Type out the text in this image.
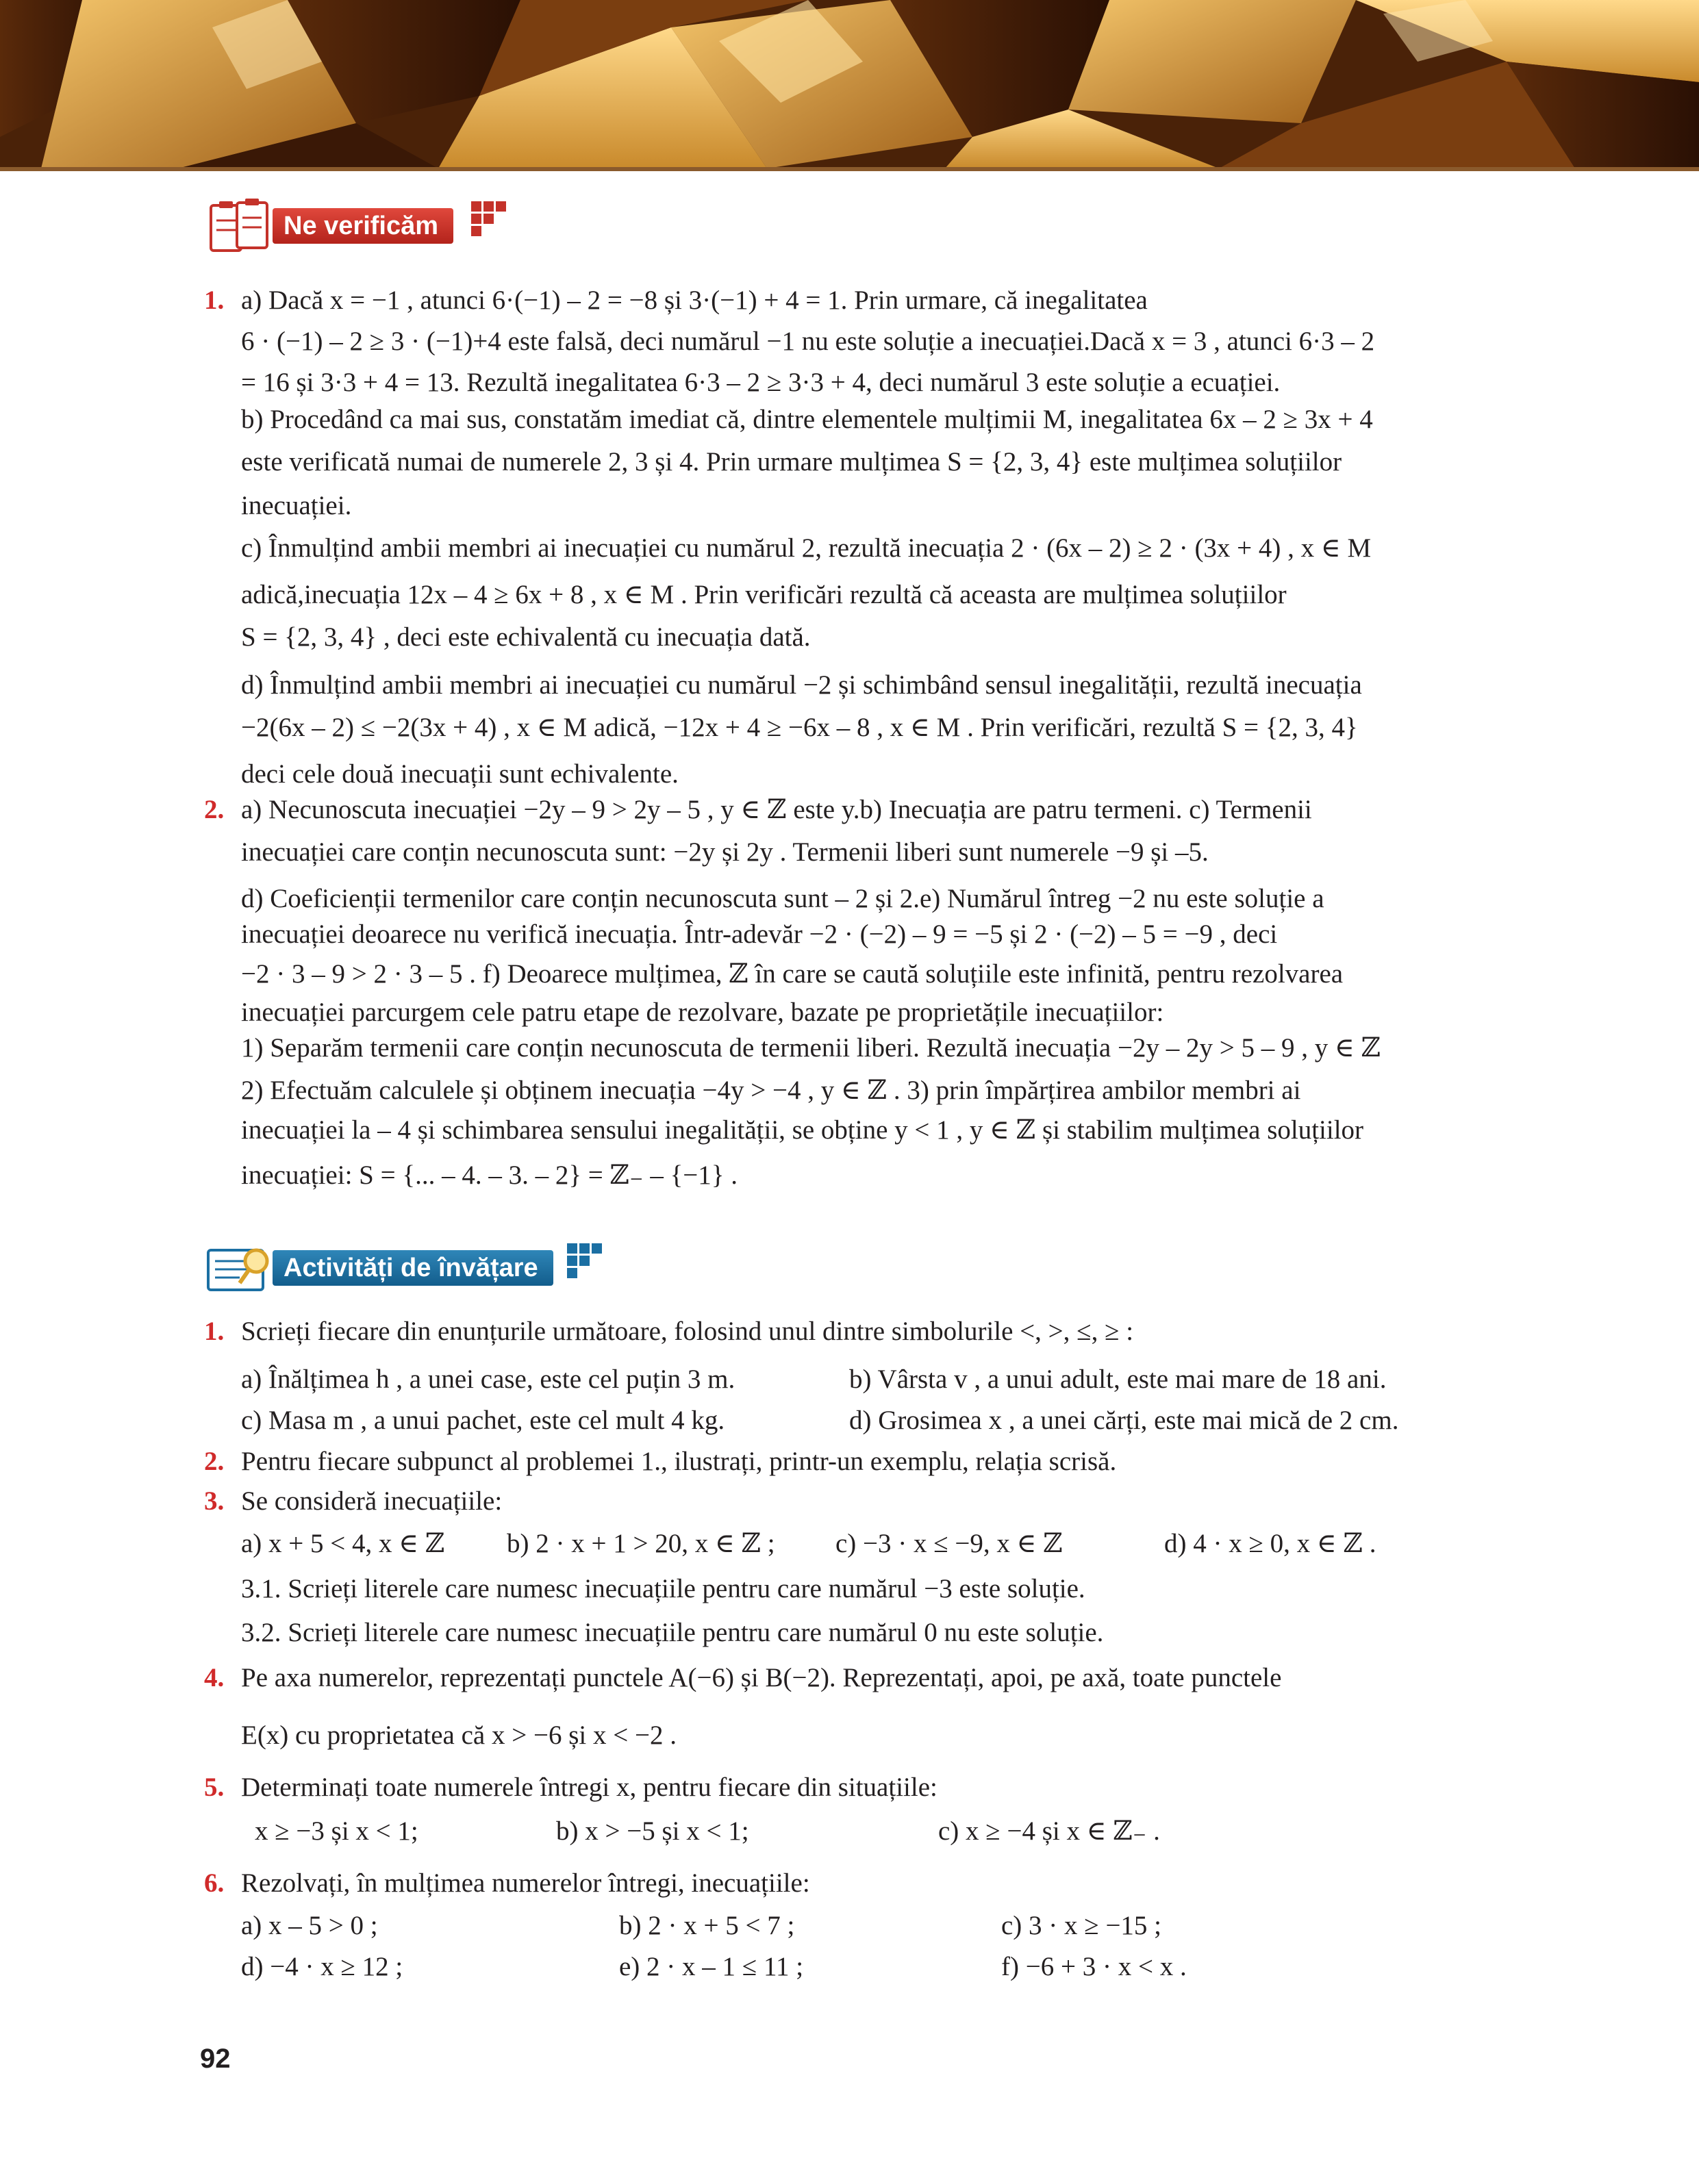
Ne verificăm
1. a) Dacă x = −1 , atunci 6·(−1) – 2 = −8 și 3·(−1) + 4 = 1. Prin urmare, că inegalitatea
6 · (−1) – 2 ≥ 3 · (−1)+4 este falsă, deci numărul −1 nu este soluție a inecuației.Dacă x = 3 , atunci 6·3 – 2
= 16 și 3·3 + 4 = 13. Rezultă inegalitatea 6·3 – 2 ≥ 3·3 + 4, deci numărul 3 este soluție a ecuației.
b) Procedând ca mai sus, constatăm imediat că, dintre elementele mulțimii M, inegalitatea 6x – 2 ≥ 3x + 4
este verificată numai de numerele 2, 3 și 4. Prin urmare mulțimea S = {2, 3, 4} este mulțimea soluțiilor
inecuației.
c) Înmulțind ambii membri ai inecuației cu numărul 2, rezultă inecuația 2 · (6x – 2) ≥ 2 · (3x + 4) , x ∈ M
adică,inecuația 12x – 4 ≥ 6x + 8 , x ∈ M . Prin verificări rezultă că aceasta are mulțimea soluțiilor
S = {2, 3, 4} , deci este echivalentă cu inecuația dată.
d) Înmulțind ambii membri ai inecuației cu numărul −2 și schimbând sensul inegalității, rezultă inecuația
−2(6x – 2) ≤ −2(3x + 4) , x ∈ M adică, −12x + 4 ≥ −6x – 8 , x ∈ M . Prin verificări, rezultă S = {2, 3, 4}
deci cele două inecuații sunt echivalente.
2. a) Necunoscuta inecuației −2y – 9 > 2y – 5 , y ∈ ℤ este y.b) Inecuația are patru termeni. c) Termenii
inecuației care conțin necunoscuta sunt: −2y și 2y . Termenii liberi sunt numerele −9 și –5.
d) Coeficienții termenilor care conțin necunoscuta sunt – 2 și 2.e) Numărul întreg −2 nu este soluție a
inecuației deoarece nu verifică inecuația. Într-adevăr −2 · (−2) – 9 = −5 și 2 · (−2) – 5 = −9 , deci
−2 · 3 – 9 > 2 · 3 – 5 . f) Deoarece mulțimea, ℤ în care se caută soluțiile este infinită, pentru rezolvarea
inecuației parcurgem cele patru etape de rezolvare, bazate pe proprietățile inecuațiilor:
1) Separăm termenii care conțin necunoscuta de termenii liberi. Rezultă inecuația −2y – 2y > 5 – 9 , y ∈ ℤ
2) Efectuăm calculele și obținem inecuația −4y > −4 , y ∈ ℤ . 3) prin împărțirea ambilor membri ai
inecuației la – 4 și schimbarea sensului inegalității, se obține y < 1 , y ∈ ℤ și stabilim mulțimea soluțiilor
inecuației: S = {... – 4. – 3. – 2} = ℤ₋ – {−1} .
Activități de învățare
1. Scrieți fiecare din enunțurile următoare, folosind unul dintre simbolurile <, >, ≤, ≥ :
a) Înălțimea h , a unei case, este cel puțin 3 m.	b) Vârsta v , a unui adult, este mai mare de 18 ani.
c) Masa m , a unui pachet, este cel mult 4 kg.	d) Grosimea x , a unei cărți, este mai mică de 2 cm.
2. Pentru fiecare subpunct al problemei 1., ilustrați, printr-un exemplu, relația scrisă.
3. Se consideră inecuațiile:
a) x + 5 < 4, x ∈ ℤ b) 2 · x + 1 > 20, x ∈ ℤ ; c) −3 · x ≤ −9, x ∈ ℤ	d) 4 · x ≥ 0, x ∈ ℤ .
3.1. Scrieți literele care numesc inecuațiile pentru care numărul −3 este soluție.
3.2. Scrieți literele care numesc inecuațiile pentru care numărul 0 nu este soluție.
4. Pe axa numerelor, reprezentați punctele A(−6) și B(−2). Reprezentați, apoi, pe axă, toate punctele
E(x) cu proprietatea că x > −6 și x < −2 .
5. Determinați toate numerele întregi x, pentru fiecare din situațiile:
x ≥ −3 și x < 1;	b) x > −5 și x < 1;	c) x ≥ −4 și x ∈ ℤ₋ .
6. Rezolvați, în mulțimea numerelor întregi, inecuațiile:
a) x – 5 > 0 ;	b) 2 · x + 5 < 7 ;	c) 3 · x ≥ −15 ;
d) −4 · x ≥ 12 ;	e) 2 · x – 1 ≤ 11 ;	f) −6 + 3 · x < x .
92
